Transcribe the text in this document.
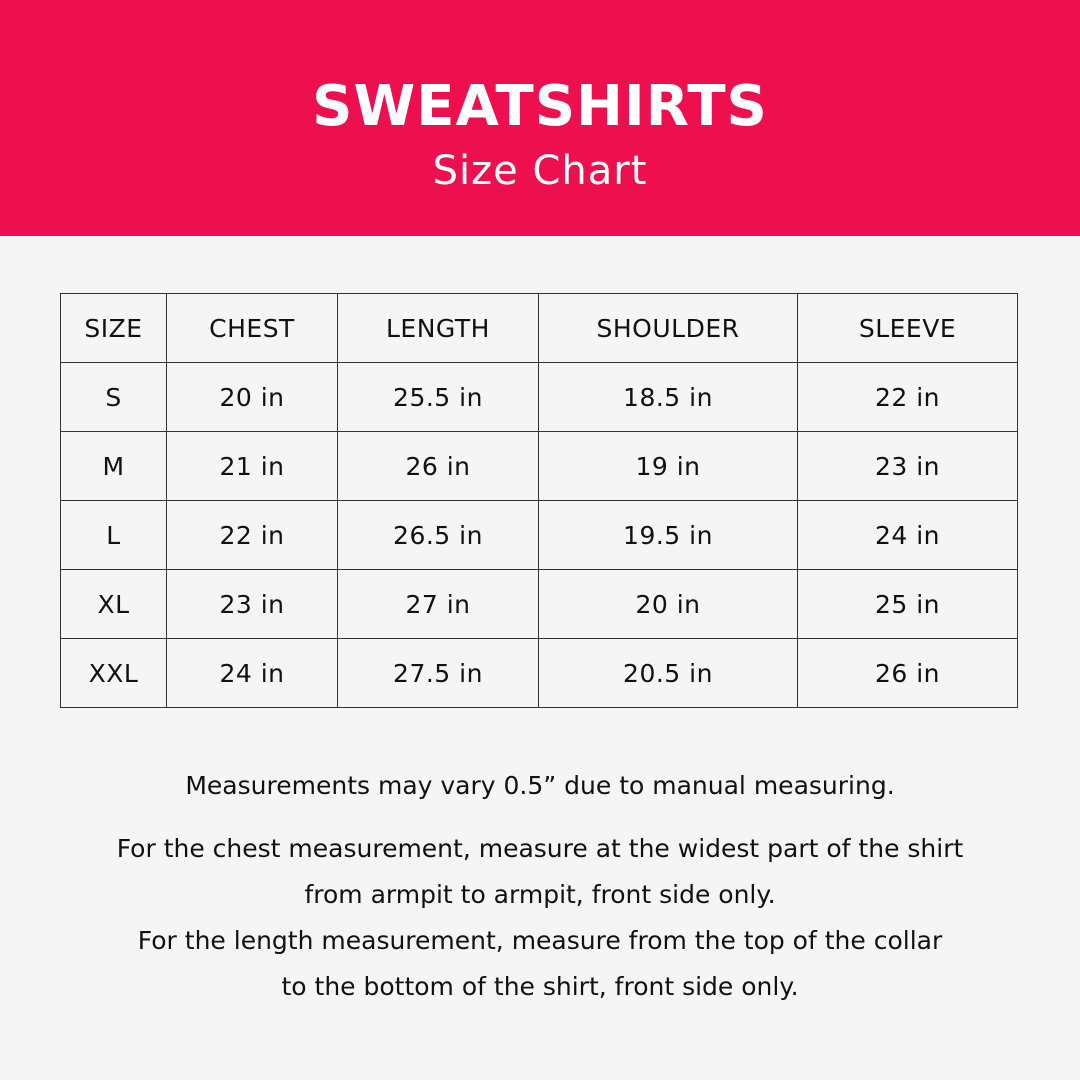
SWEATSHIRTS
Size Chart
SIZE	CHEST	LENGTH	SHOULDER	SLEEVE
S	20 in	25.5 in	18.5 in	22 in
M	21 in	26 in	19 in	23 in
L	22 in	26.5 in	19.5 in	24 in
XL	23 in	27 in	20 in	25 in
XXL	24 in	27.5 in	20.5 in	26 in
Measurements may vary 0.5” due to manual measuring.
For the chest measurement, measure at the widest part of the shirt
from armpit to armpit, front side only.
For the length measurement, measure from the top of the collar
to the bottom of the shirt, front side only.
